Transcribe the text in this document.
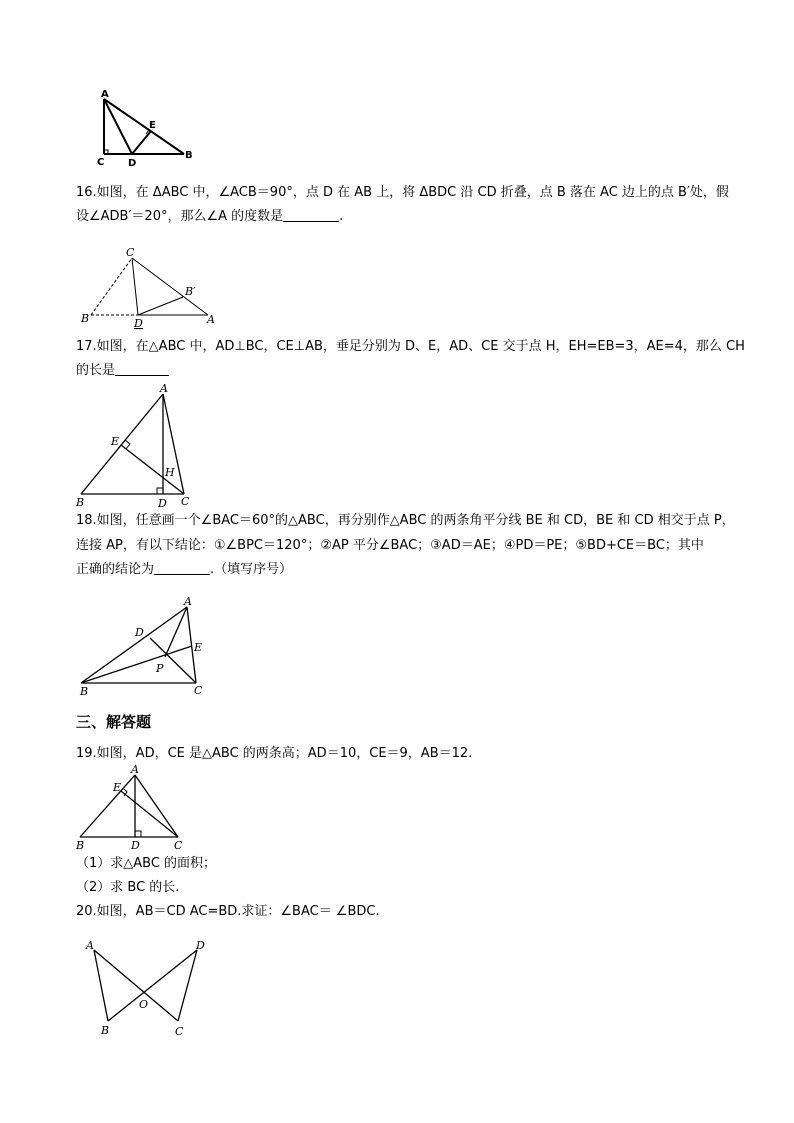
A
E
C D
B
16.如图，在 ΔABC 中，∠ACB＝90°，点 D 在 AB 上，将 ΔBDC 沿 CD 折叠，点 B 落在 AC 边上的点 B′处，假
设∠ADB′＝20°，那么∠A 的度数是	.
C
B′
B	D	A
17.如图，在△ABC 中，AD⊥BC，CE⊥AB，垂足分别为 D、E，AD、CE 交于点 H，EH=EB=3，AE=4，那么 CH
的长是
A
E
H
B	D C
18.如图，任意画一个∠BAC＝60°的△ABC，再分别作△ABC 的两条角平分线 BE 和 CD，BE 和 CD 相交于点 P，
连接 AP，有以下结论：①∠BPC＝120°；②AP 平分∠BAC；③AD＝AE；④PD＝PE；⑤BD+CE＝BC；其中
正确的结论为	.（填写序号）
A
D
E
P
B	C
三、解答题
19.如图，AD，CE 是△ABC 的两条高；AD＝10，CE＝9，AB＝12.
A
E
B	D	C
（1）求△ABC 的面积；
（2）求 BC 的长.
20.如图，AB＝CD AC=BD.求证：∠BAC＝ ∠BDC.
A	D
O
B	C
